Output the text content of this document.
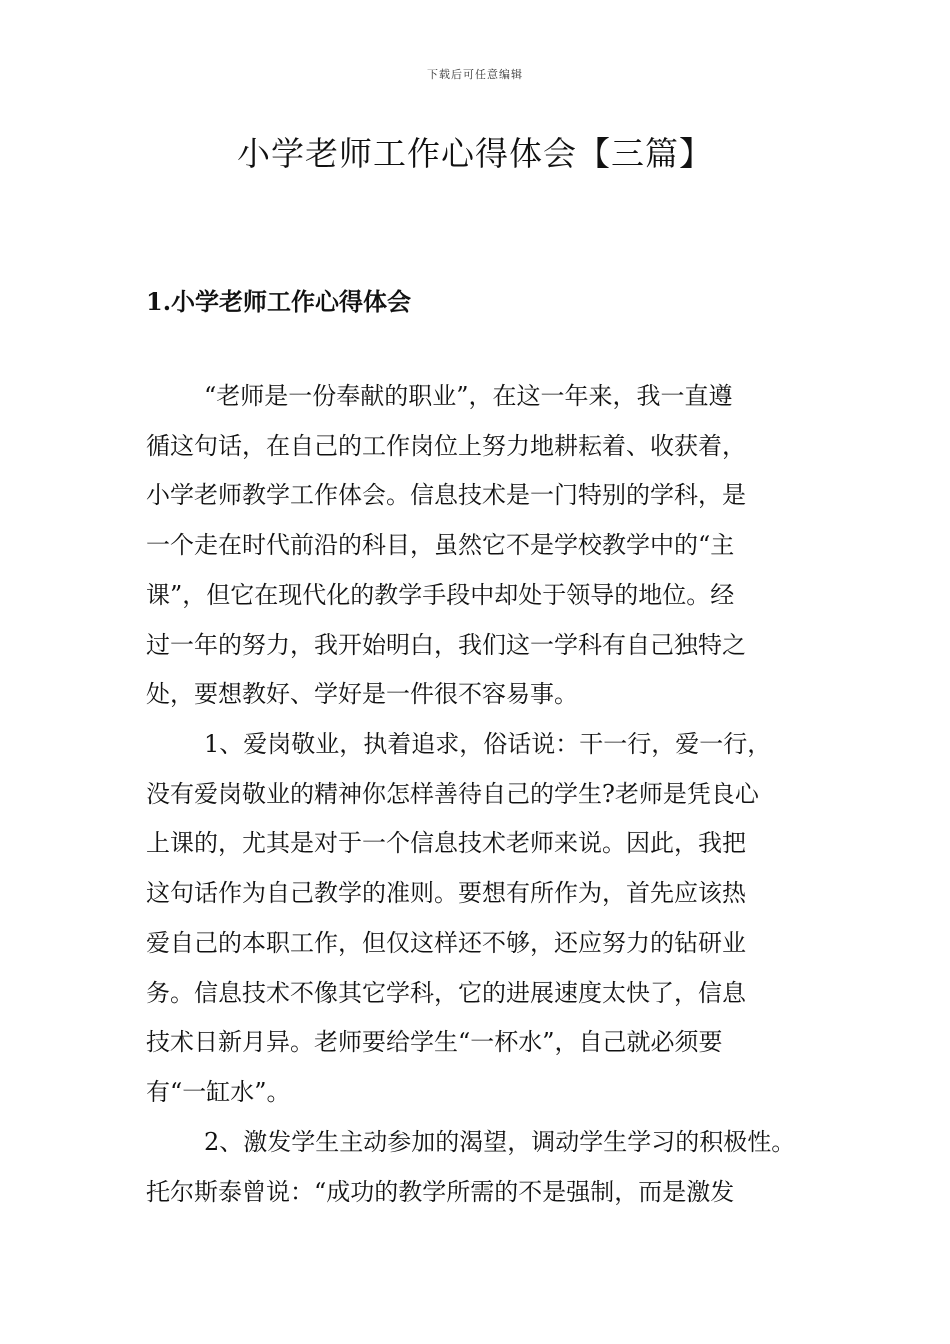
下载后可任意编辑
小学老师工作心得体会【三篇】
1.小学老师工作心得体会
“老师是一份奉献的职业”，在这一年来，我一直遵
循这句话，在自己的工作岗位上努力地耕耘着、收获着，
小学老师教学工作体会。信息技术是一门特别的学科，是
一个走在时代前沿的科目，虽然它不是学校教学中的“主
课”，但它在现代化的教学手段中却处于领导的地位。经
过一年的努力，我开始明白，我们这一学科有自己独特之
处，要想教好、学好是一件很不容易事。
1、爱岗敬业，执着追求，俗话说：干一行，爱一行，
没有爱岗敬业的精神你怎样善待自己的学生?老师是凭良心
上课的，尤其是对于一个信息技术老师来说。因此，我把
这句话作为自己教学的准则。要想有所作为，首先应该热
爱自己的本职工作，但仅这样还不够，还应努力的钻研业
务。信息技术不像其它学科，它的进展速度太快了，信息
技术日新月异。老师要给学生“一杯水”，自己就必须要
有“一缸水”。
2、激发学生主动参加的渴望，调动学生学习的积极性。
托尔斯泰曾说：“成功的教学所需的不是强制，而是激发
